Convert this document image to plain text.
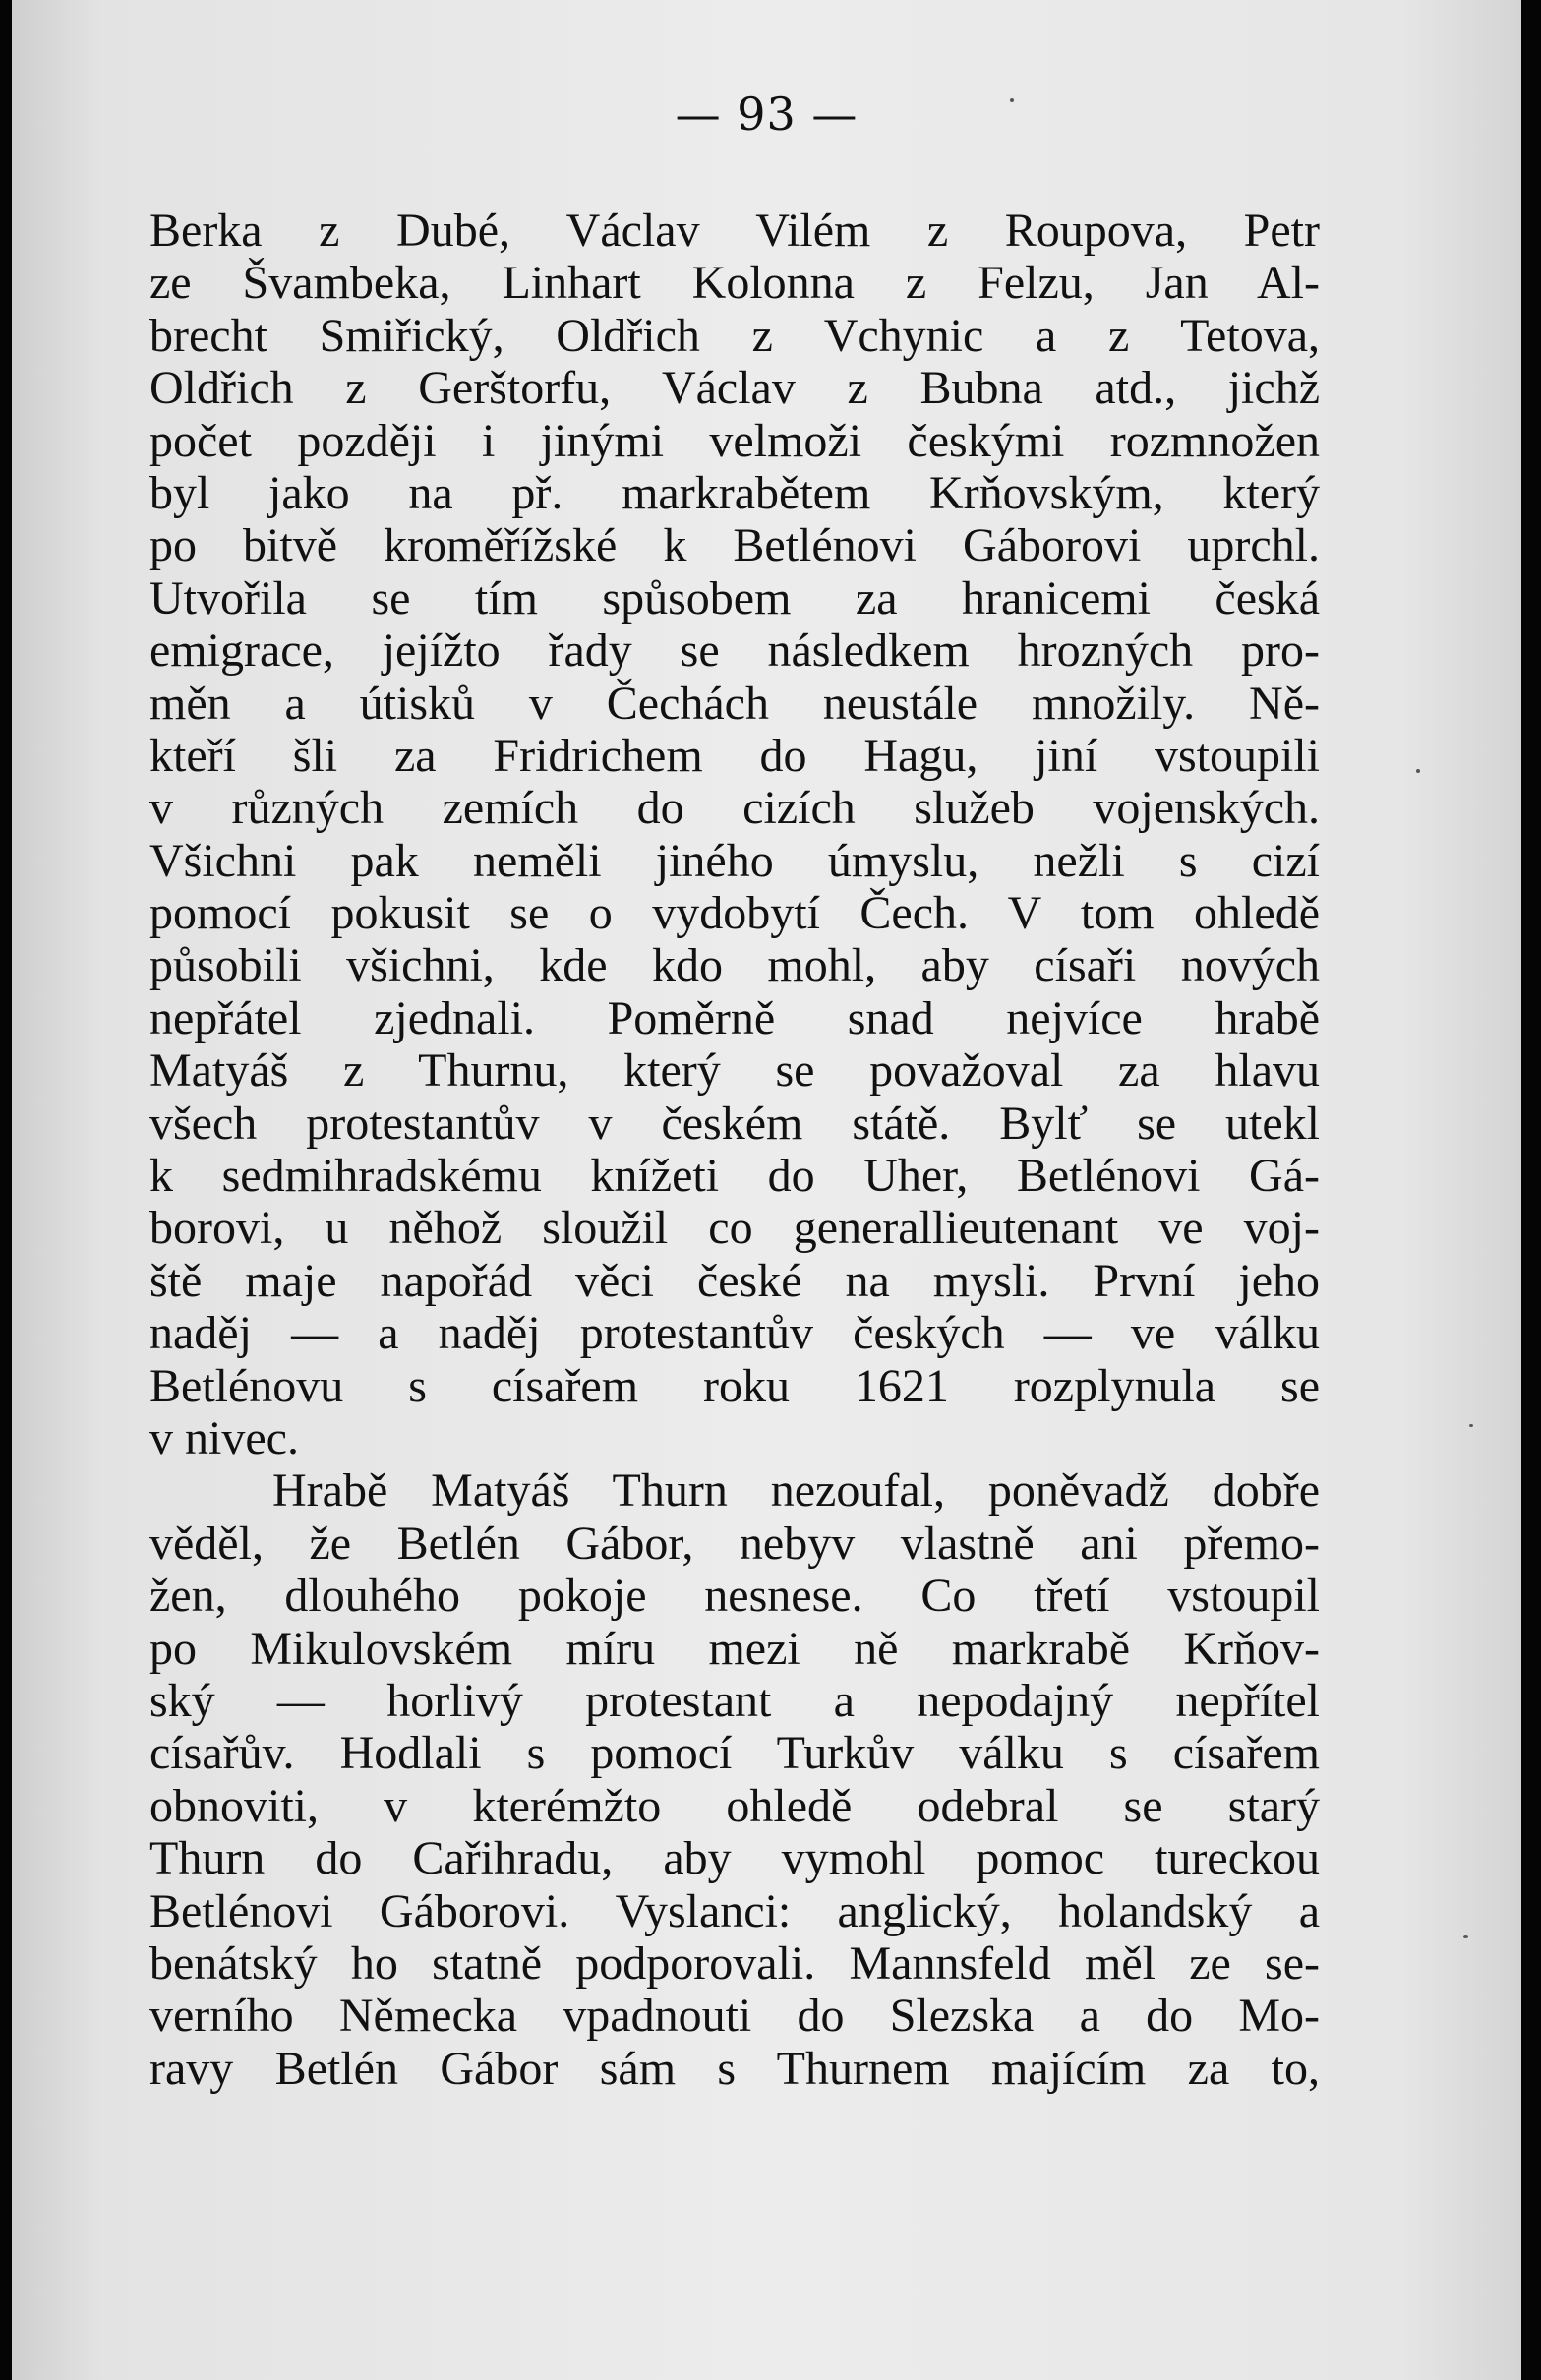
— 93 —
Berka z Dubé, Václav Vilém z Roupova, Petr
ze Švambeka, Linhart Kolonna z Felzu, Jan Al-
brecht Smiřický, Oldřich z Vchynic a z Tetova,
Oldřich z Gerštorfu, Václav z Bubna atd., jichž
počet později i jinými velmoži českými rozmnožen
byl jako na př. markrabětem Krňovským, který
po bitvě kroměřížské k Betlénovi Gáborovi uprchl.
Utvořila se tím spůsobem za hranicemi česká
emigrace, jejížto řady se následkem hrozných pro-
měn a útisků v Čechách neustále množily. Ně-
kteří šli za Fridrichem do Hagu, jiní vstoupili
v různých zemích do cizích služeb vojenských.
Všichni pak neměli jiného úmyslu, nežli s cizí
pomocí pokusit se o vydobytí Čech. V tom ohledě
působili všichni, kde kdo mohl, aby císaři nových
nepřátel zjednali. Poměrně snad nejvíce hrabě
Matyáš z Thurnu, který se považoval za hlavu
všech protestantův v českém státě. Bylť se utekl
k sedmihradskému knížeti do Uher, Betlénovi Gá-
borovi, u něhož sloužil co generallieutenant ve voj-
ště maje napořád věci české na mysli. První jeho
naděj — a naděj protestantův českých — ve válku
Betlénovu s císařem roku 1621 rozplynula se
v nivec.
Hrabě Matyáš Thurn nezoufal, poněvadž dobře
věděl, že Betlén Gábor, nebyv vlastně ani přemo-
žen, dlouhého pokoje nesnese. Co třetí vstoupil
po Mikulovském míru mezi ně markrabě Krňov-
ský — horlivý protestant a nepodajný nepřítel
císařův. Hodlali s pomocí Turkův válku s císařem
obnoviti, v kterémžto ohledě odebral se starý
Thurn do Cařihradu, aby vymohl pomoc tureckou
Betlénovi Gáborovi. Vyslanci: anglický, holandský a
benátský ho statně podporovali. Mannsfeld měl ze se-
verního Německa vpadnouti do Slezska a do Mo-
ravy Betlén Gábor sám s Thurnem majícím za to,
